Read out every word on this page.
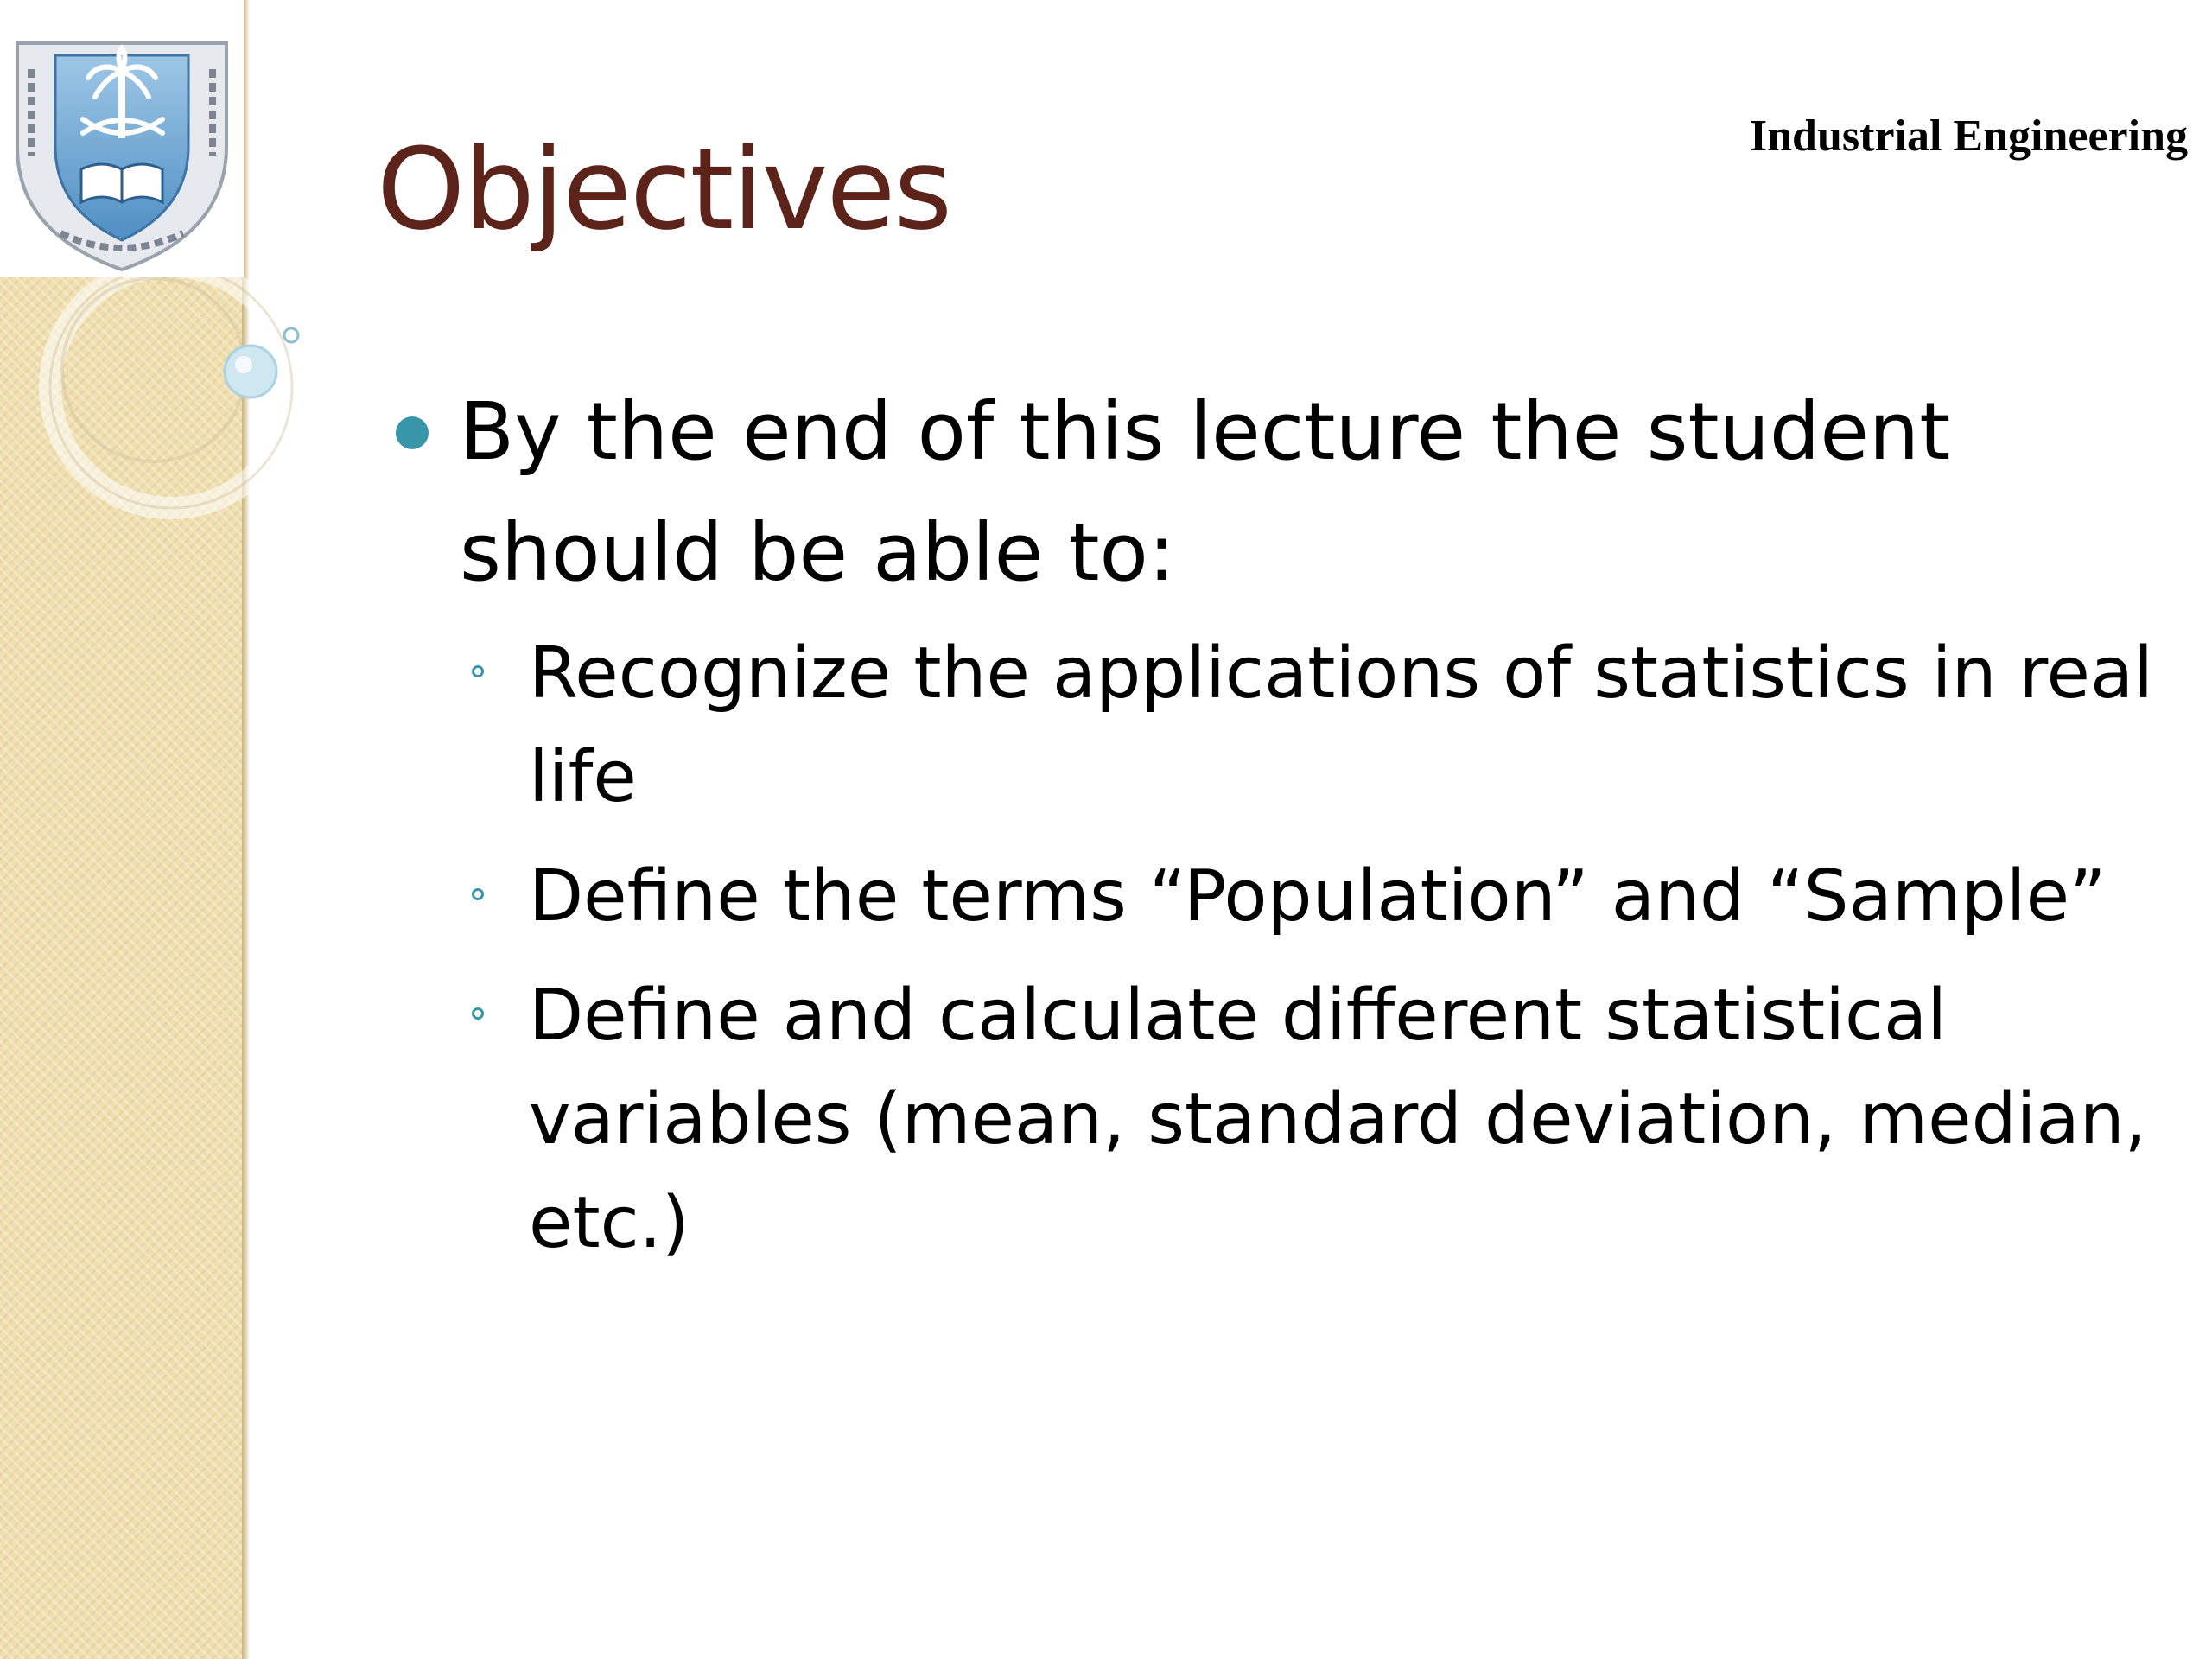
Industrial Engineering
Objectives

By the end of this lecture the student should be able to:

Recognize the applications of statistics in real life
Define the terms “Population” and “Sample”
Define and calculate different statistical variables (mean, standard deviation, median, etc.)
